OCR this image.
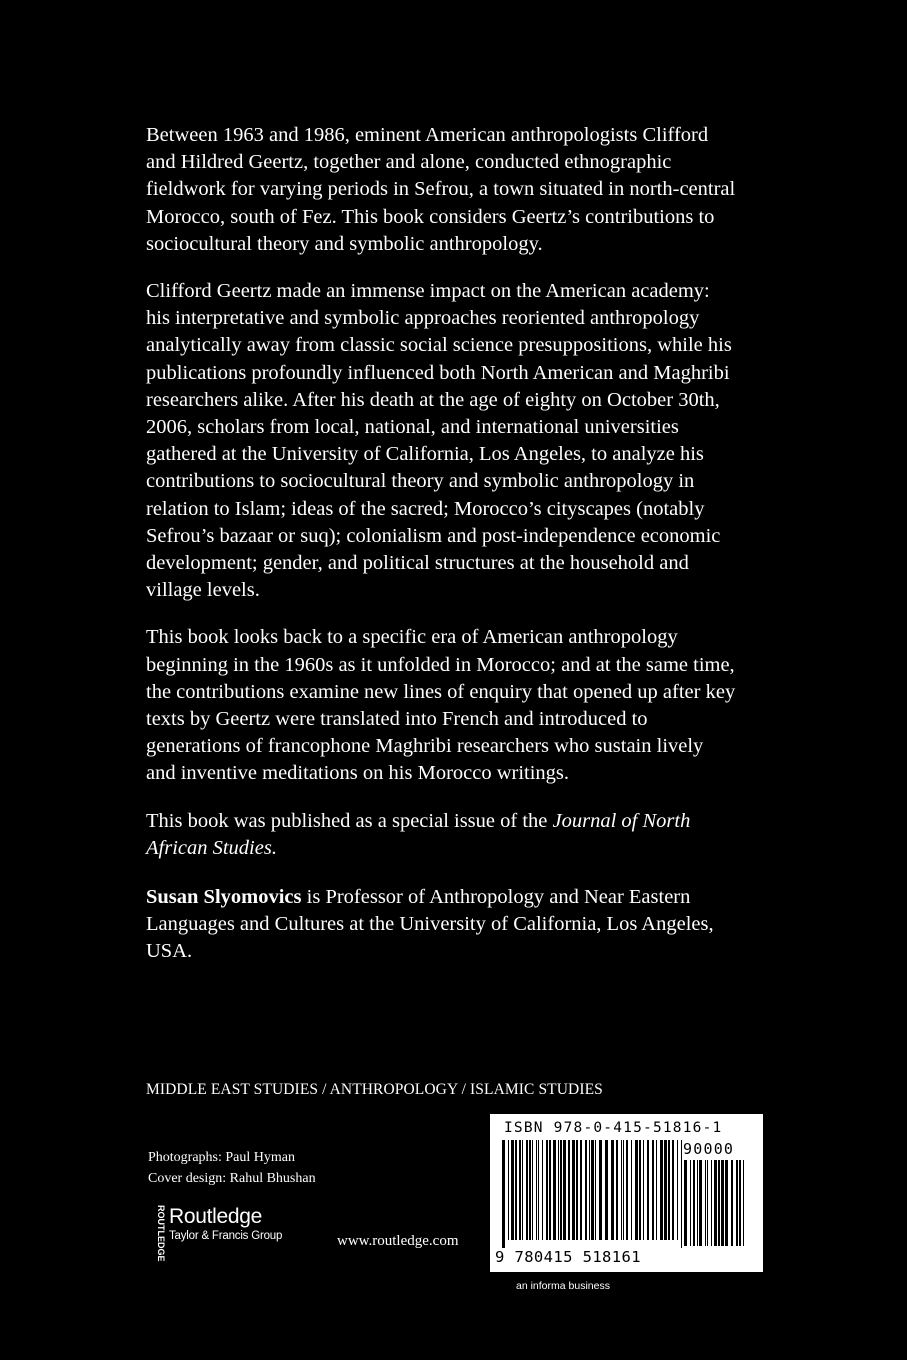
Between 1963 and 1986, eminent American anthropologists Clifford and Hildred Geertz, together and alone, conducted ethnographic fieldwork for varying periods in Sefrou, a town situated in north-central Morocco, south of Fez. This book considers Geertz’s contributions to sociocultural theory and symbolic anthropology.

Clifford Geertz made an immense impact on the American academy: his interpretative and symbolic approaches reoriented anthropology analytically away from classic social science presuppositions, while his publications profoundly influenced both North American and Maghribi researchers alike. After his death at the age of eighty on October 30th, 2006, scholars from local, national, and international universities gathered at the University of California, Los Angeles, to analyze his contributions to sociocultural theory and symbolic anthropology in relation to Islam; ideas of the sacred; Morocco’s cityscapes (notably Sefrou’s bazaar or suq); colonialism and post-independence economic development; gender, and political structures at the household and village levels.

This book looks back to a specific era of American anthropology beginning in the 1960s as it unfolded in Morocco; and at the same time, the contributions examine new lines of enquiry that opened up after key texts by Geertz were translated into French and introduced to generations of francophone Maghribi researchers who sustain lively and inventive meditations on his Morocco writings.

This book was published as a special issue of the Journal of North African Studies.

Susan Slyomovics is Professor of Anthropology and Near Eastern Languages and Cultures at the University of California, Los Angeles, USA.

MIDDLE EAST STUDIES / ANTHROPOLOGY / ISLAMIC STUDIES
Photographs: Paul Hyman
Cover design: Rahul Bhushan
ROUTLEDGE Routledge
Taylor & Francis Group	www.routledge.com
ISBN 978-0-415-51816-1
90000
9 780415 518161
an informa business
